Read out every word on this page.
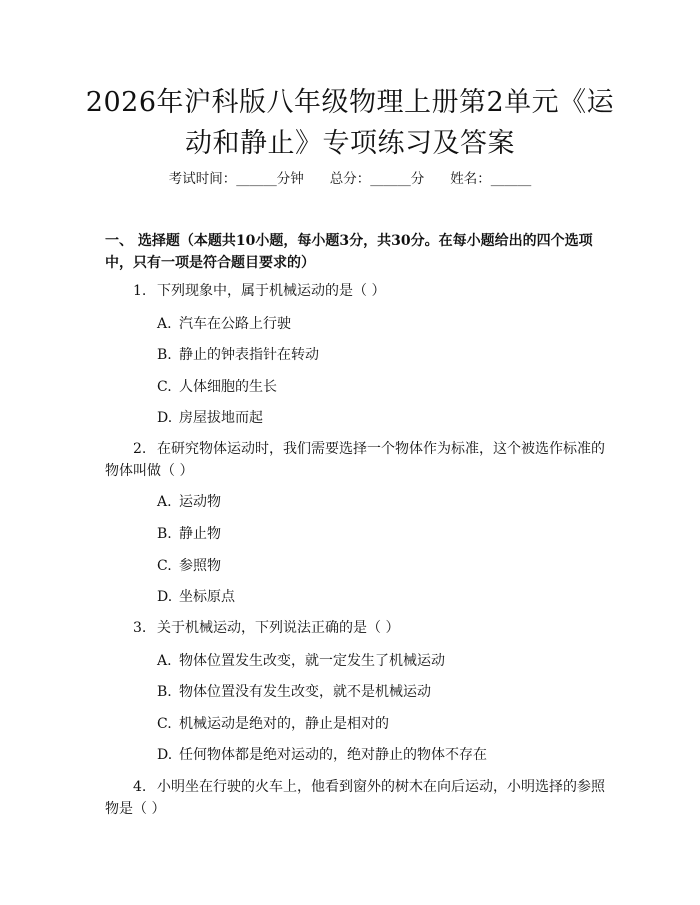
2026年沪科版八年级物理上册第2单元《运
动和静止》专项练习及答案
考试时间：______分钟 总分：______分 姓名：______
一、 选择题（本题共10小题，每小题3分，共30分。在每小题给出的四个选项中，只有一项是符合题目要求的）
1. 下列现象中，属于机械运动的是（ ）
A. 汽车在公路上行驶
B. 静止的钟表指针在转动
C. 人体细胞的生长
D. 房屋拔地而起
2. 在研究物体运动时，我们需要选择一个物体作为标准，这个被选作标准的物体叫做（ ）
A. 运动物
B. 静止物
C. 参照物
D. 坐标原点
3. 关于机械运动，下列说法正确的是（ ）
A. 物体位置发生改变，就一定发生了机械运动
B. 物体位置没有发生改变，就不是机械运动
C. 机械运动是绝对的，静止是相对的
D. 任何物体都是绝对运动的，绝对静止的物体不存在
4. 小明坐在行驶的火车上，他看到窗外的树木在向后运动，小明选择的参照物是（ ）
